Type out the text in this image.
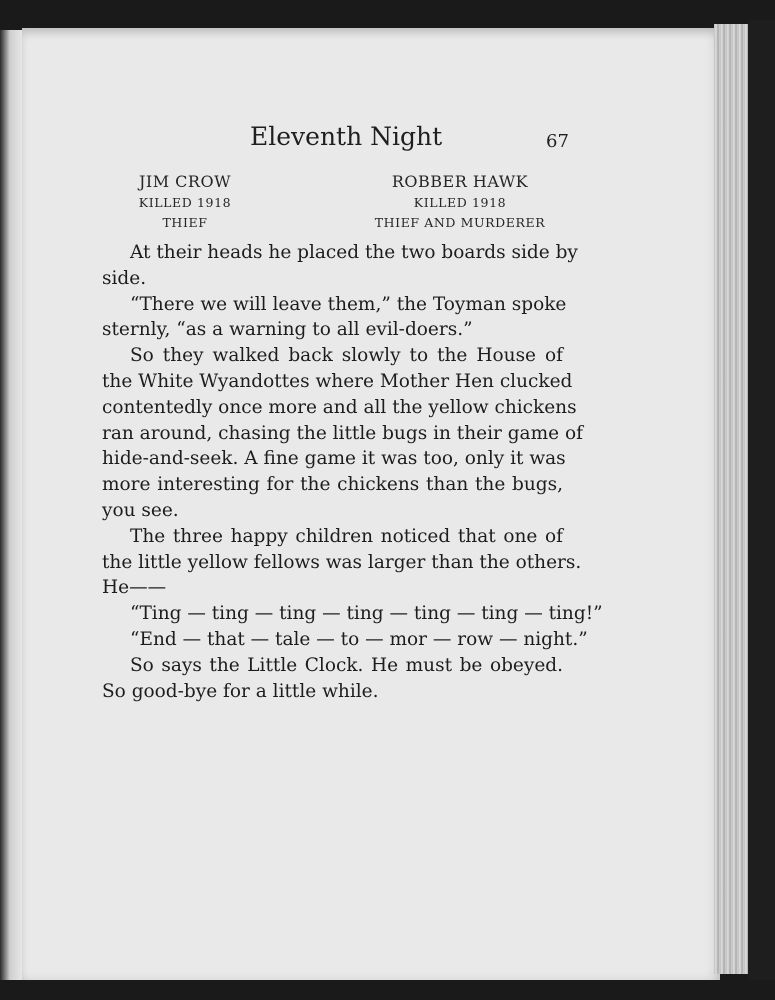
Eleventh Night	67
JIM CROW
KILLED 1918
THIEF
ROBBER HAWK
KILLED 1918
THIEF AND MURDERER
At their heads he placed the two boards side by
side.
“There we will leave them,” the Toyman spoke
sternly, “as a warning to all evil-doers.”
So they walked back slowly to the House of
the White Wyandottes where Mother Hen clucked
contentedly once more and all the yellow chickens
ran around, chasing the little bugs in their game of
hide-and-seek. A fine game it was too, only it was
more interesting for the chickens than the bugs,
you see.
The three happy children noticed that one of
the little yellow fellows was larger than the others.
He——
“Ting — ting — ting — ting — ting — ting — ting!”
“End — that — tale — to — mor — row — night.”
So says the Little Clock. He must be obeyed.
So good-bye for a little while.
